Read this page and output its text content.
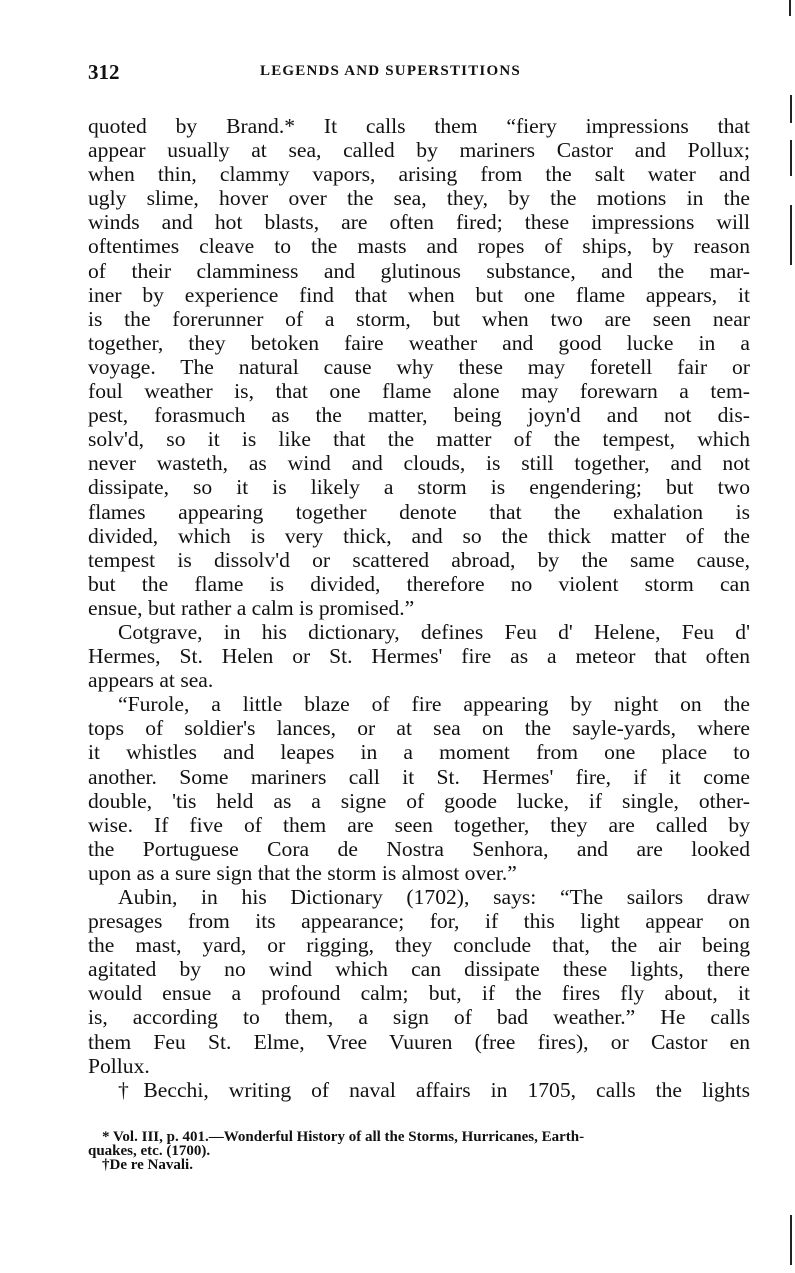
312	LEGENDS AND SUPERSTITIONS
quoted by Brand.* It calls them “fiery impressions that
appear usually at sea, called by mariners Castor and Pollux;
when thin, clammy vapors, arising from the salt water and
ugly slime, hover over the sea, they, by the motions in the
winds and hot blasts, are often fired; these impressions will
oftentimes cleave to the masts and ropes of ships, by reason
of their clamminess and glutinous substance, and the mar-
iner by experience find that when but one flame appears, it
is the forerunner of a storm, but when two are seen near
together, they betoken faire weather and good lucke in a
voyage. The natural cause why these may foretell fair or
foul weather is, that one flame alone may forewarn a tem-
pest, forasmuch as the matter, being joyn'd and not dis-
solv'd, so it is like that the matter of the tempest, which
never wasteth, as wind and clouds, is still together, and not
dissipate, so it is likely a storm is engendering; but two
flames appearing together denote that the exhalation is
divided, which is very thick, and so the thick matter of the
tempest is dissolv'd or scattered abroad, by the same cause,
but the flame is divided, therefore no violent storm can
ensue, but rather a calm is promised.”
Cotgrave, in his dictionary, defines Feu d' Helene, Feu d'
Hermes, St. Helen or St. Hermes' fire as a meteor that often
appears at sea.
“Furole, a little blaze of fire appearing by night on the
tops of soldier's lances, or at sea on the sayle-yards, where
it whistles and leapes in a moment from one place to
another. Some mariners call it St. Hermes' fire, if it come
double, 'tis held as a signe of goode lucke, if single, other-
wise. If five of them are seen together, they are called by
the Portuguese Cora de Nostra Senhora, and are looked
upon as a sure sign that the storm is almost over.”
Aubin, in his Dictionary (1702), says: “The sailors draw
presages from its appearance; for, if this light appear on
the mast, yard, or rigging, they conclude that, the air being
agitated by no wind which can dissipate these lights, there
would ensue a profound calm; but, if the fires fly about, it
is, according to them, a sign of bad weather.” He calls
them Feu St. Elme, Vree Vuuren (free fires), or Castor en
Pollux.
†Becchi, writing of naval affairs in 1705, calls the lights
* Vol. III, p. 401.—Wonderful History of all the Storms, Hurricanes, Earth-
quakes, etc. (1700).
†De re Navali.
